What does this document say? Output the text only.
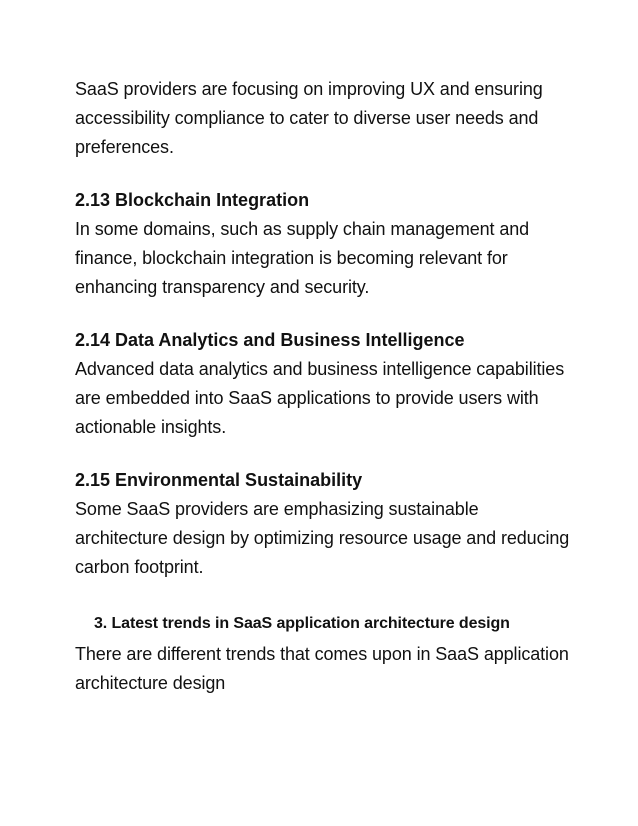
SaaS providers are focusing on improving UX and ensuring accessibility compliance to cater to diverse user needs and preferences.

2.13 Blockchain Integration

In some domains, such as supply chain management and finance, blockchain integration is becoming relevant for enhancing transparency and security.

2.14 Data Analytics and Business Intelligence

Advanced data analytics and business intelligence capabilities are embedded into SaaS applications to provide users with actionable insights.

2.15 Environmental Sustainability

Some SaaS providers are emphasizing sustainable architecture design by optimizing resource usage and reducing carbon footprint.

3. Latest trends in SaaS application architecture design

There are different trends that comes upon in SaaS application architecture design
